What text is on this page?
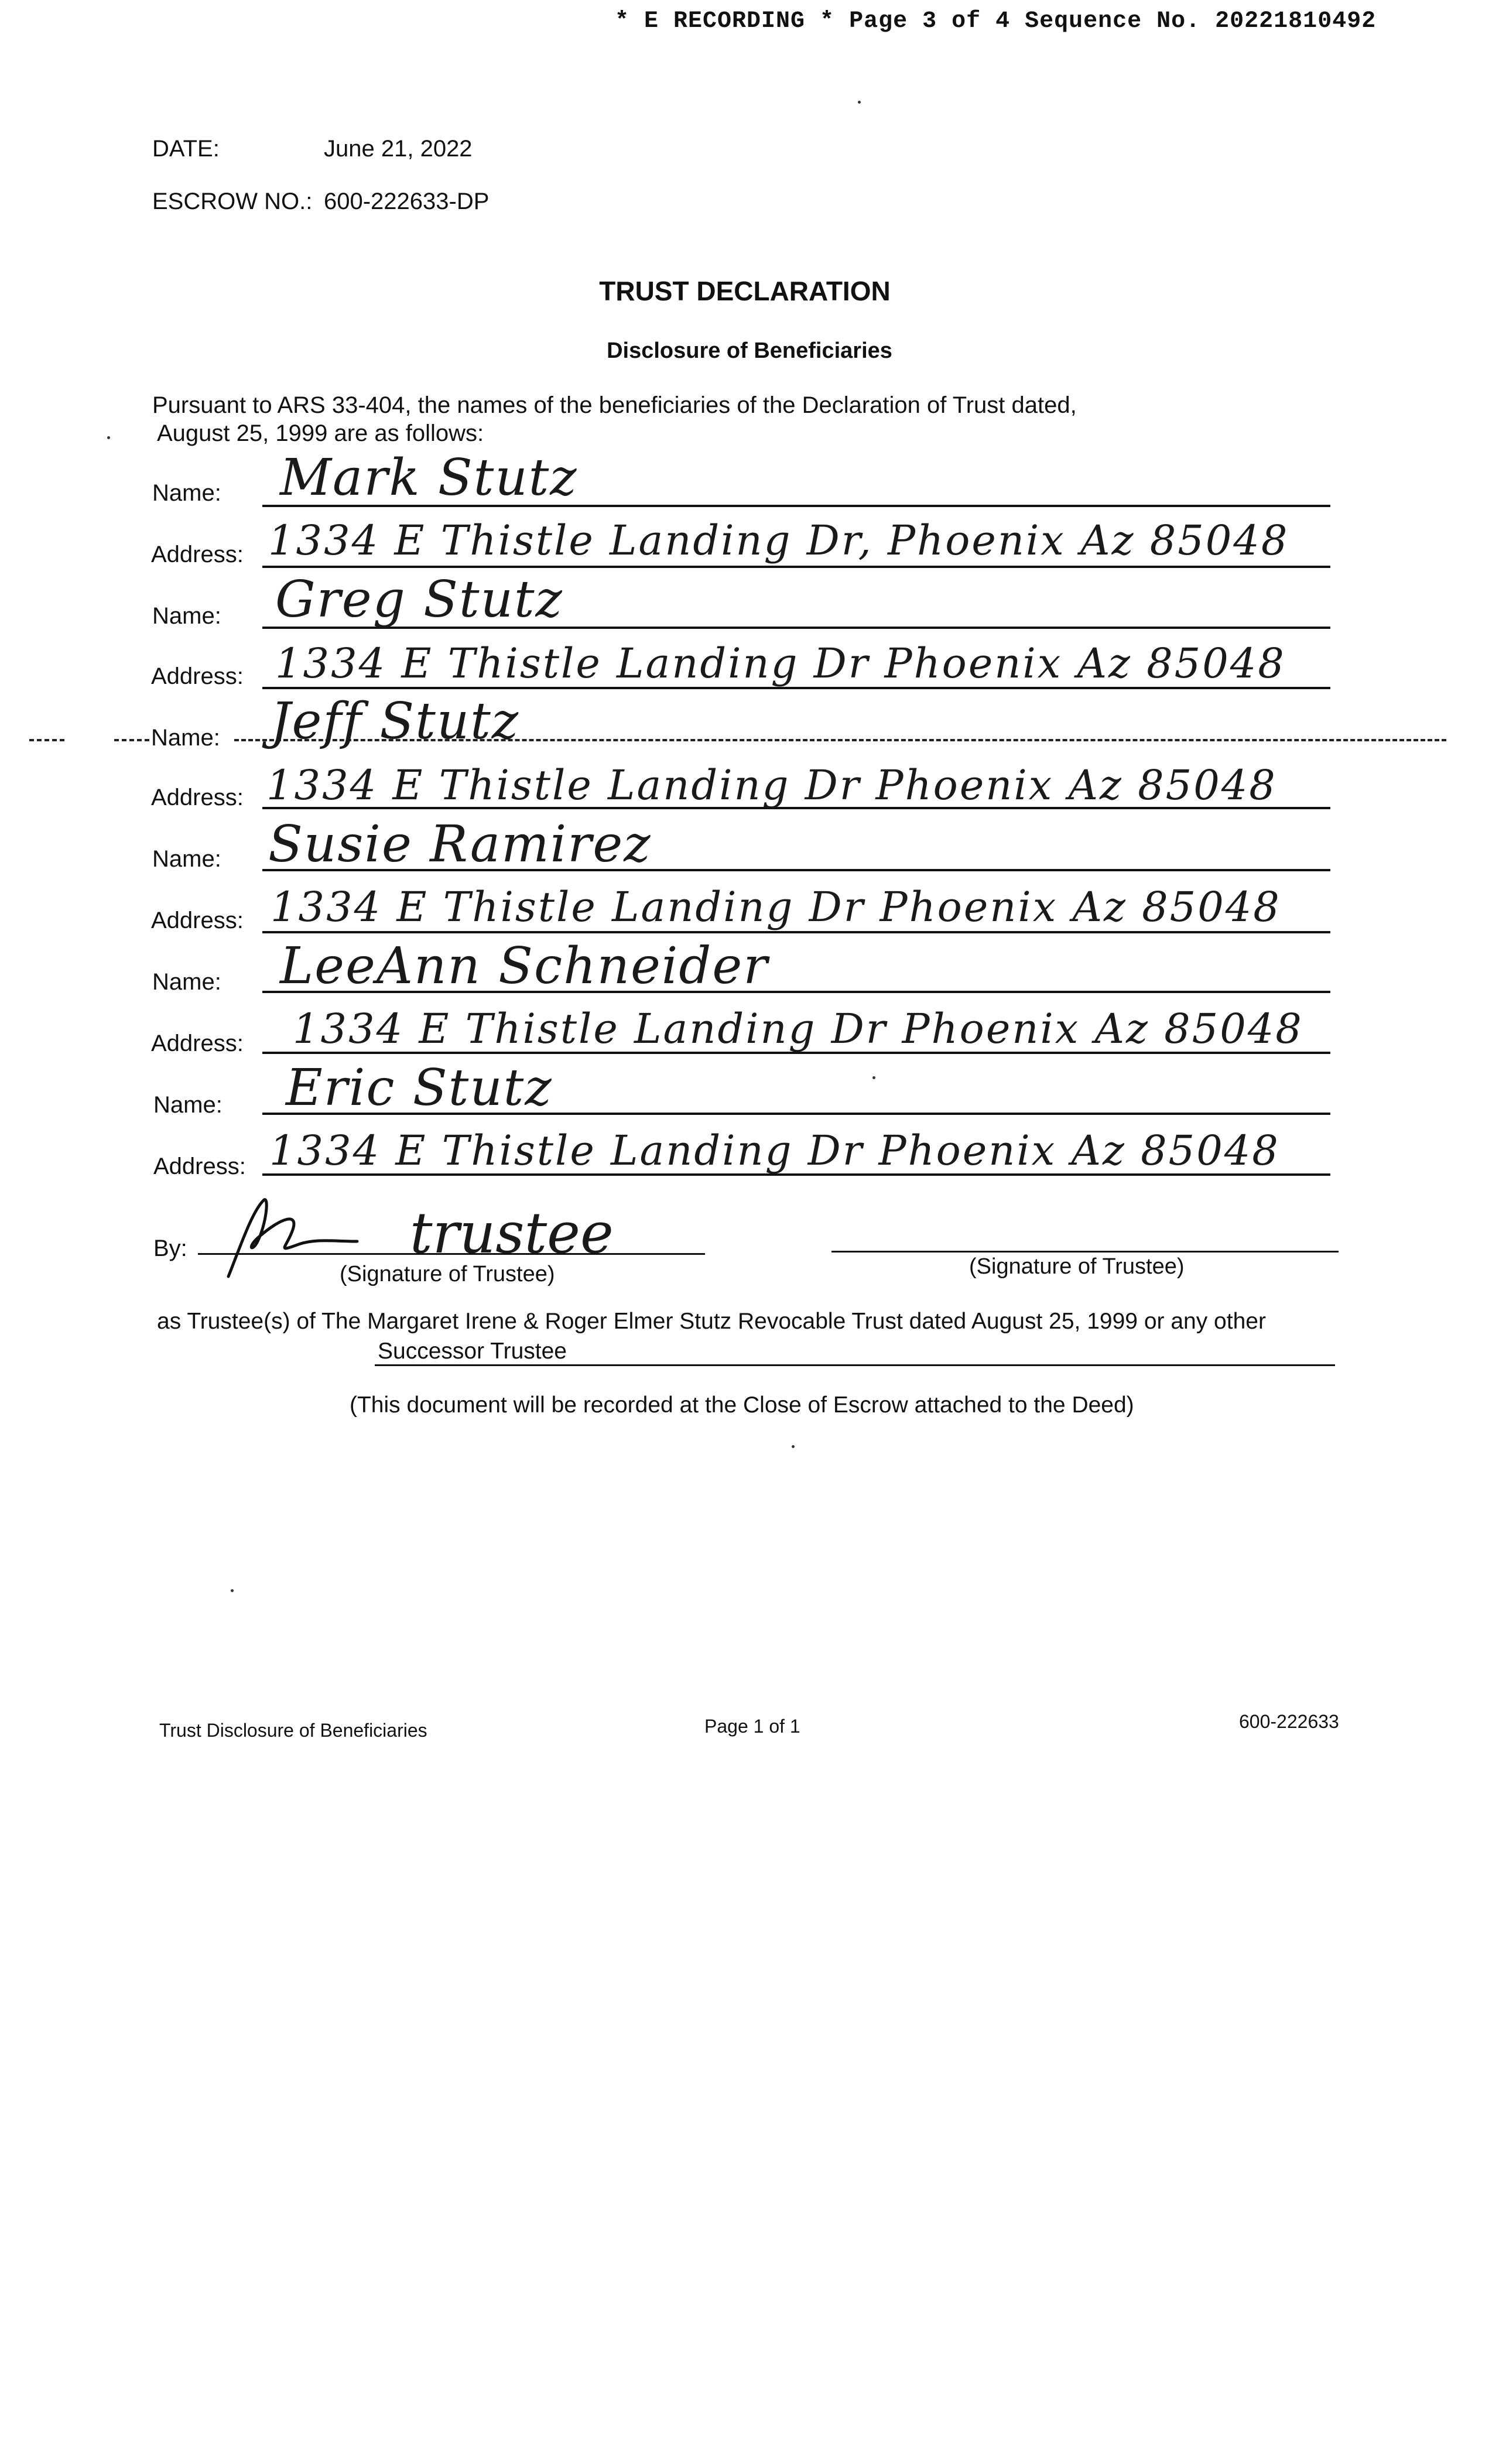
* E RECORDING * Page 3 of 4 Sequence No. 20221810492
DATE:	June 21, 2022
ESCROW NO.: 600-222633-DP
TRUST DECLARATION
Disclosure of Beneficiaries
Pursuant to ARS 33-404, the names of the beneficiaries of the Declaration of Trust dated,
August 25, 1999 are as follows:
Name: Mark Stutz
Address: 1334 E Thistle Landing Dr, Phoenix Az 85048
Name: Greg Stutz
Address: 1334 E Thistle Landing Dr Phoenix Az 85048
Name: Jeff Stutz
Address: 1334 E Thistle Landing Dr Phoenix Az 85048
Name: Susie Ramirez
Address: 1334 E Thistle Landing Dr Phoenix Az 85048
Name: LeeAnn Schneider
Address: 1334 E Thistle Landing Dr Phoenix Az 85048
Name: Eric Stutz
Address: 1334 E Thistle Landing Dr Phoenix Az 85048
By:	trustee
(Signature of Trustee)	(Signature of Trustee)
as Trustee(s) of The Margaret Irene & Roger Elmer Stutz Revocable Trust dated August 25, 1999 or any other
Successor Trustee
(This document will be recorded at the Close of Escrow attached to the Deed)
Trust Disclosure of Beneficiaries	Page 1 of 1	600-222633
